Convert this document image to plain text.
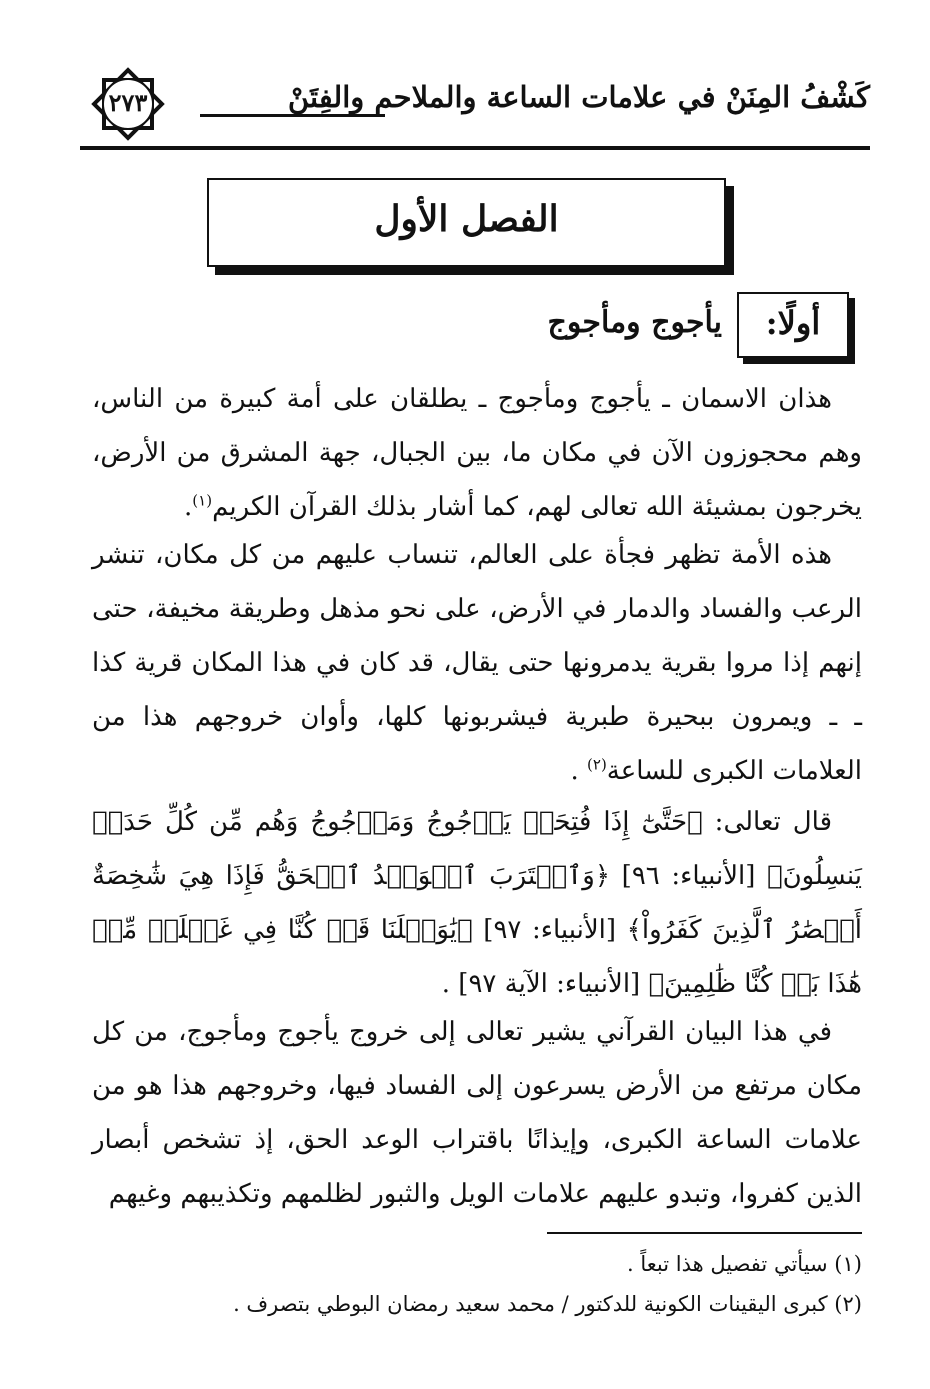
كَشْفُ المِنَنْ في علامات الساعة والملاحم والفِتَنْ
٢٧٣
الفصل الأول
أولًا:
يأجوج ومأجوج

هذان الاسمان ـ يأجوج ومأجوج ـ يطلقان على أمة كبيرة من الناس، وهم محجوزون الآن في مكان ما، بين الجبال، جهة المشرق من الأرض، يخرجون بمشيئة الله تعالى لهم، كما أشار بذلك القرآن الكريم$^{(١)}$.

هذه الأمة تظهر فجأة على العالم، تنساب عليهم من كل مكان، تنشر الرعب والفساد والدمار في الأرض، على نحو مذهل وطريقة مخيفة، حتى إنهم إذا مروا بقرية يدمرونها حتى يقال، قد كان في هذا المكان قرية كذا ـ ـ ويمرون ببحيرة طبرية فيشربونها كلها، وأوان خروجهم هذا من العلامات الكبرى للساعة$^{(٢)}$ .

قال تعالى: ﴿حَتَّىٰٓ إِذَا فُتِحَتۡ يَأۡجُوجُ وَمَأۡجُوجُ وَهُم مِّن كُلِّ حَدَبٖ يَنسِلُونَ﴾ [الأنبياء: ٩٦] ﴿وَٱقۡتَرَبَ ٱلۡوَعۡدُ ٱلۡحَقُّ فَإِذَا هِيَ شَٰخِصَةٌ أَبۡصَٰرُ ٱلَّذِينَ كَفَرُواْ﴾ [الأنبياء: ٩٧] ﴿يَٰوَيۡلَنَا قَدۡ كُنَّا فِي غَفۡلَةٖ مِّنۡ هَٰذَا بَلۡ كُنَّا ظَٰلِمِينَ﴾ [الأنبياء: الآية ٩٧] .

في هذا البيان القرآني يشير تعالى إلى خروج يأجوج ومأجوج، من كل مكان مرتفع من الأرض يسرعون إلى الفساد فيها، وخروجهم هذا هو من علامات الساعة الكبرى، وإيذانًا باقتراب الوعد الحق، إذ تشخص أبصار الذين كفروا، وتبدو عليهم علامات الويل والثبور لظلمهم وتكذيبهم وغيهم

(١) سيأتي تفصيل هذا تبعاً .
(٢) كبرى اليقينات الكونية للدكتور / محمد سعيد رمضان البوطي بتصرف .
